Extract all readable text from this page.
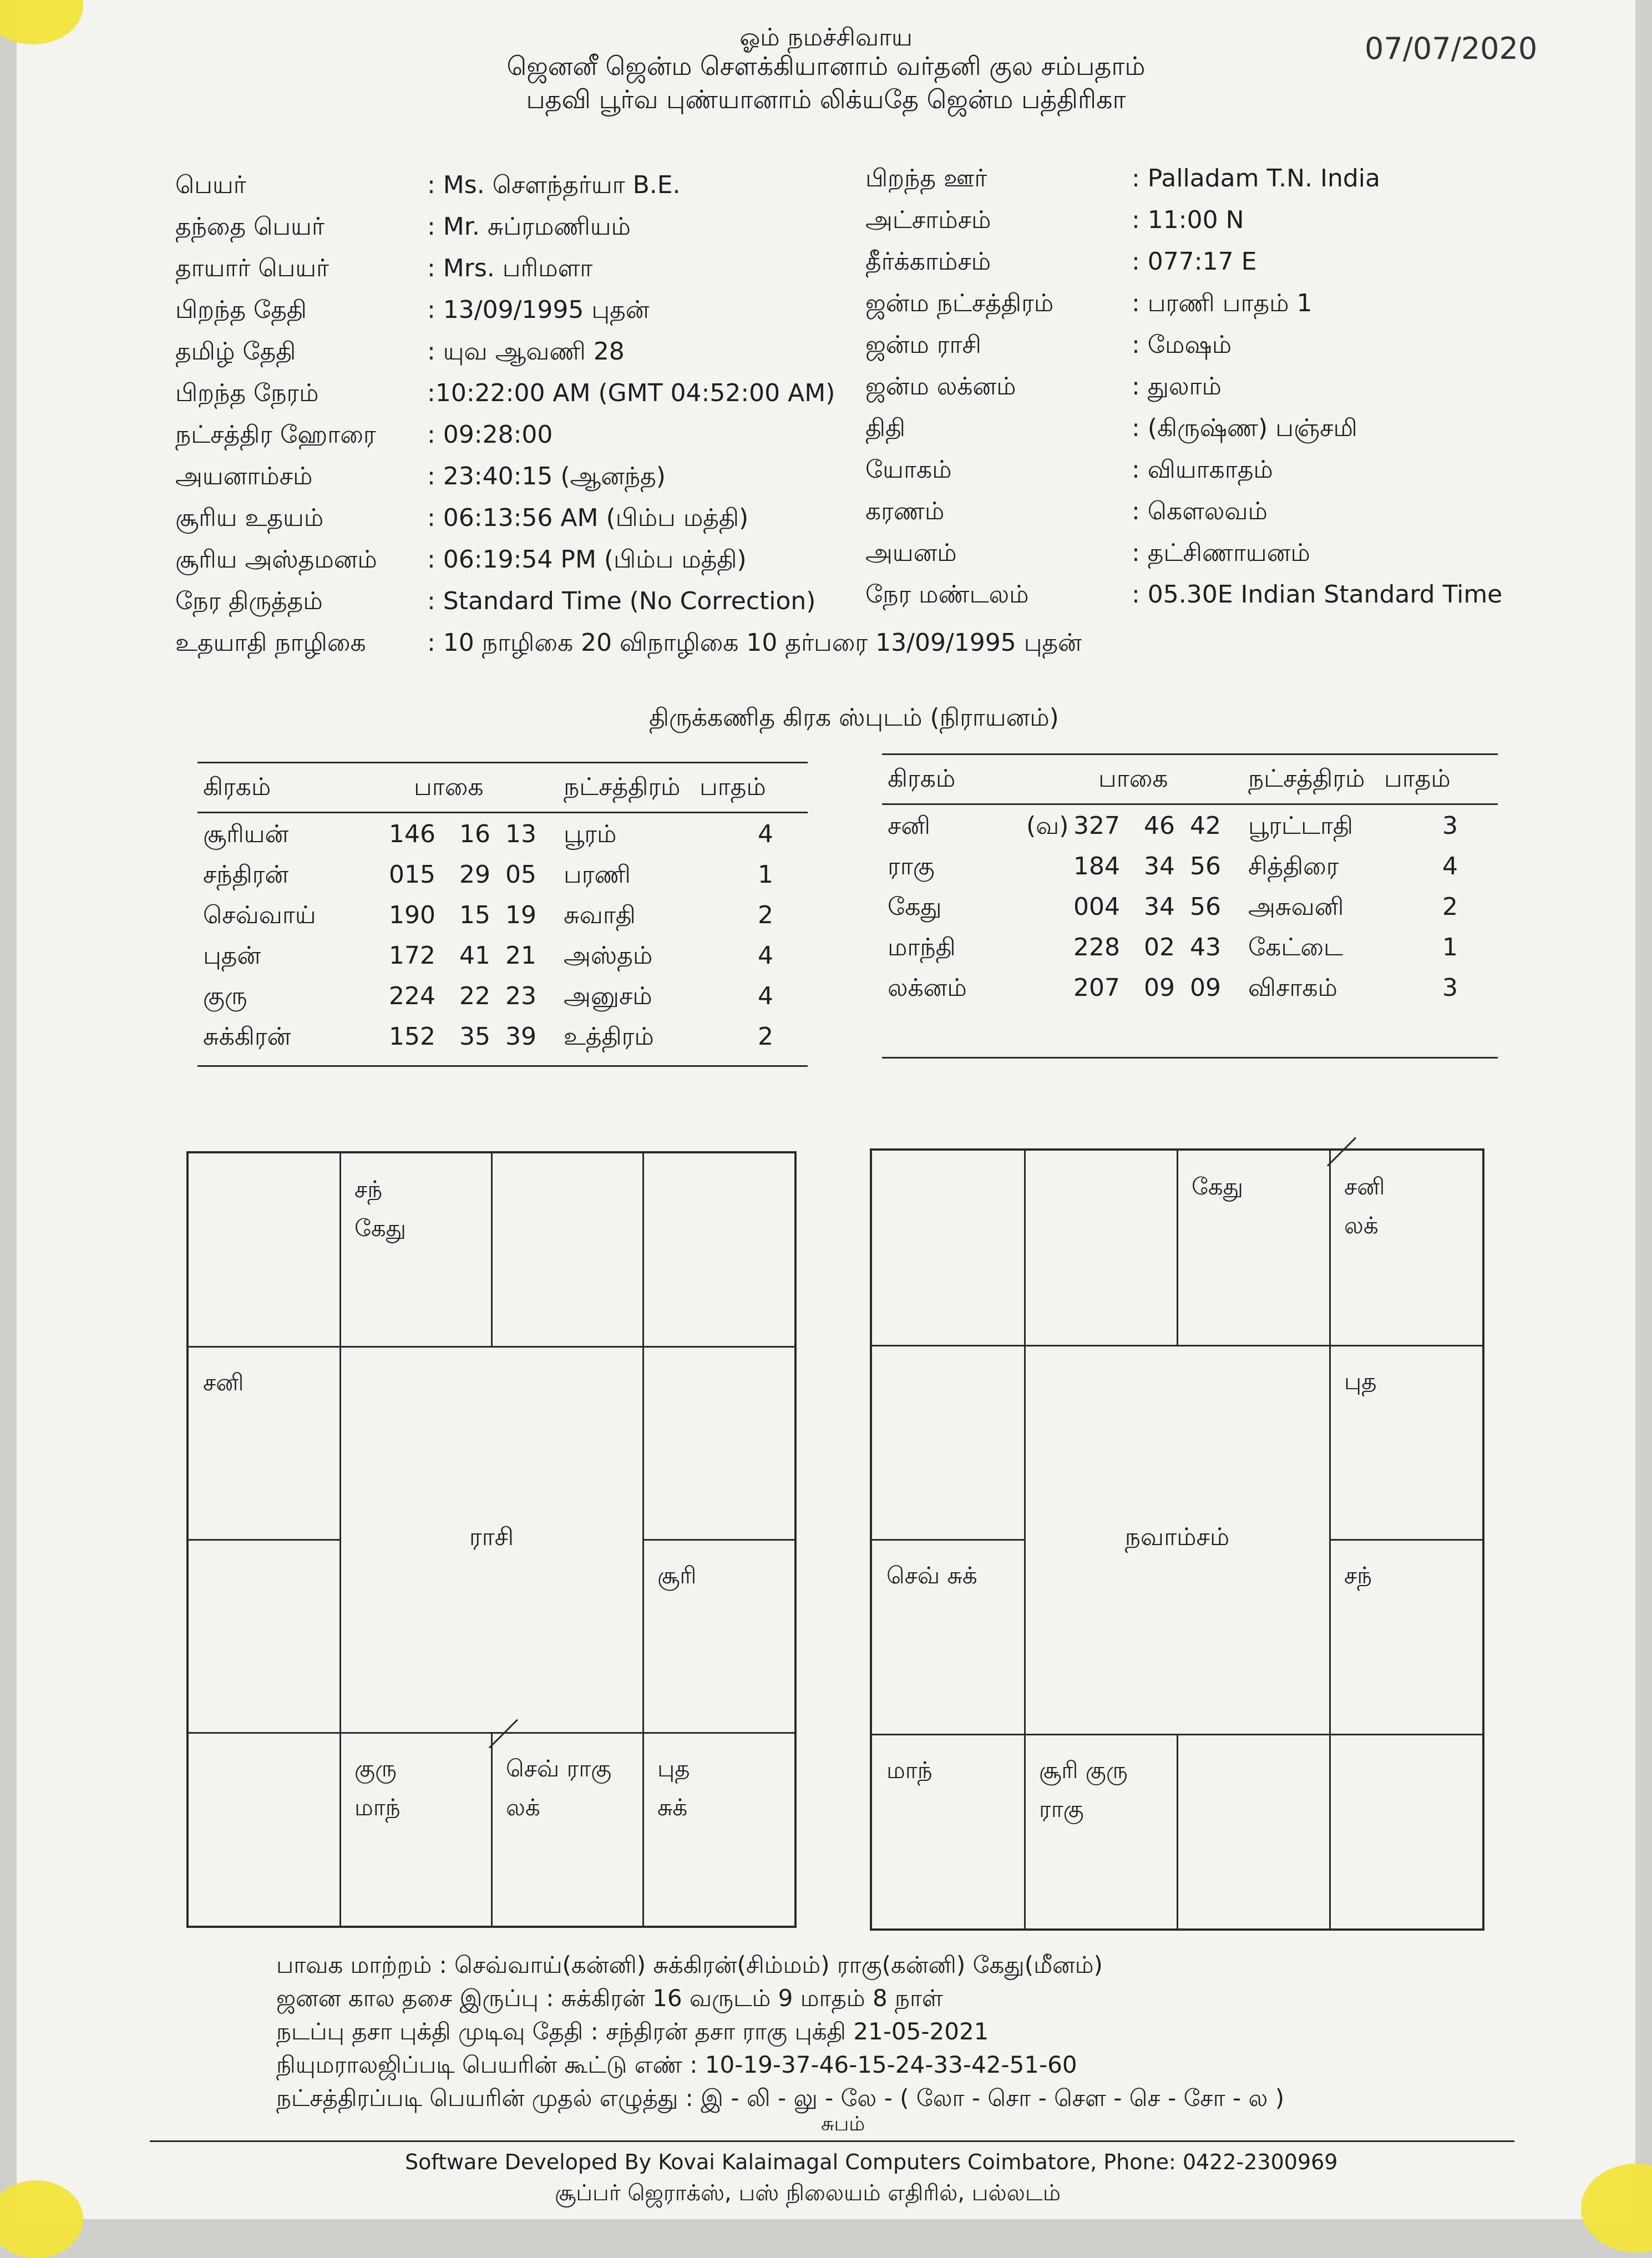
ஓம் நமச்சிவாய
ஜெனனீ ஜென்ம சௌக்கியானாம் வர்தனி குல சம்பதாம்
பதவி பூர்வ புண்யானாம் லிக்யதே ஜென்ம பத்திரிகா
07/07/2020
பெயர்	: Ms. சௌந்தர்யா B.E.
தந்தை பெயர்	: Mr. சுப்ரமணியம்
தாயார் பெயர்	: Mrs. பரிமளா
பிறந்த தேதி	: 13/09/1995 புதன்
தமிழ் தேதி	: யுவ ஆவணி 28
பிறந்த நேரம்	:10:22:00 AM (GMT 04:52:00 AM)
நட்சத்திர ஹோரை : 09:28:00
அயனாம்சம்	: 23:40:15 (ஆனந்த)
சூரிய உதயம்	: 06:13:56 AM (பிம்ப மத்தி)
சூரிய அஸ்தமனம் : 06:19:54 PM (பிம்ப மத்தி)
நேர திருத்தம்	: Standard Time (No Correction)
உதயாதி நாழிகை	: 10 நாழிகை 20 விநாழிகை 10 தர்பரை 13/09/1995 புதன்
பிறந்த ஊர்	: Palladam T.N. India
அட்சாம்சம்	: 11:00 N
தீர்க்காம்சம்	: 077:17 E
ஜன்ம நட்சத்திரம்	: பரணி பாதம் 1
ஜன்ம ராசி	: மேஷம்
ஜன்ம லக்னம்	: துலாம்
திதி	: (கிருஷ்ண) பஞ்சமி
யோகம்	: வியாகாதம்
கரணம்	: கௌலவம்
அயனம்	: தட்சிணாயனம்
நேர மண்டலம்	: 05.30E Indian Standard Time
திருக்கணித கிரக ஸ்புடம் (நிராயனம்)
கிரகம்	பாகை	நட்சத்திரம் பாதம்
சூரியன்	146 16 13 பூரம்	4
சந்திரன்	015 29 05 பரணி	1
செவ்வாய்	190 15 19 சுவாதி	2
புதன்	172 41 21 அஸ்தம்	4
குரு	224 22 23 அனுசம்	4
சுக்கிரன்	152 35 39 உத்திரம்	2
கிரகம்	பாகை	நட்சத்திரம் பாதம்
சனி	(வ) 327 46 42 பூரட்டாதி	3
ராகு	184 34 56 சித்திரை	4
கேது	004 34 56 அசுவனி	2
மாந்தி	228 02 43 கேட்டை	1
லக்னம்	207 09 09 விசாகம்	3
ராசி
சந்
கேது
சனி
சூரி
குரு
மாந்
செவ் ராகு
லக்
புத
சுக்
நவாம்சம்
கேது	சனி
லக்
புத
செவ் சுக்	சந்
மாந்	சூரி குரு
ராகு
பாவக மாற்றம் : செவ்வாய்(கன்னி) சுக்கிரன்(சிம்மம்) ராகு(கன்னி) கேது(மீனம்)
ஜனன கால தசை இருப்பு : சுக்கிரன் 16 வருடம் 9 மாதம் 8 நாள்
நடப்பு தசா புக்தி முடிவு தேதி : சந்திரன் தசா ராகு புக்தி 21-05-2021
நியுமராலஜிப்படி பெயரின் கூட்டு எண் : 10-19-37-46-15-24-33-42-51-60
நட்சத்திரப்படி பெயரின் முதல் எழுத்து : இ - லி - லு - லே - ( லோ - சொ - சௌ - செ - சோ - ல )
சுபம்
Software Developed By Kovai Kalaimagal Computers Coimbatore, Phone: 0422-2300969
சூப்பர் ஜெராக்ஸ், பஸ் நிலையம் எதிரில், பல்லடம்
